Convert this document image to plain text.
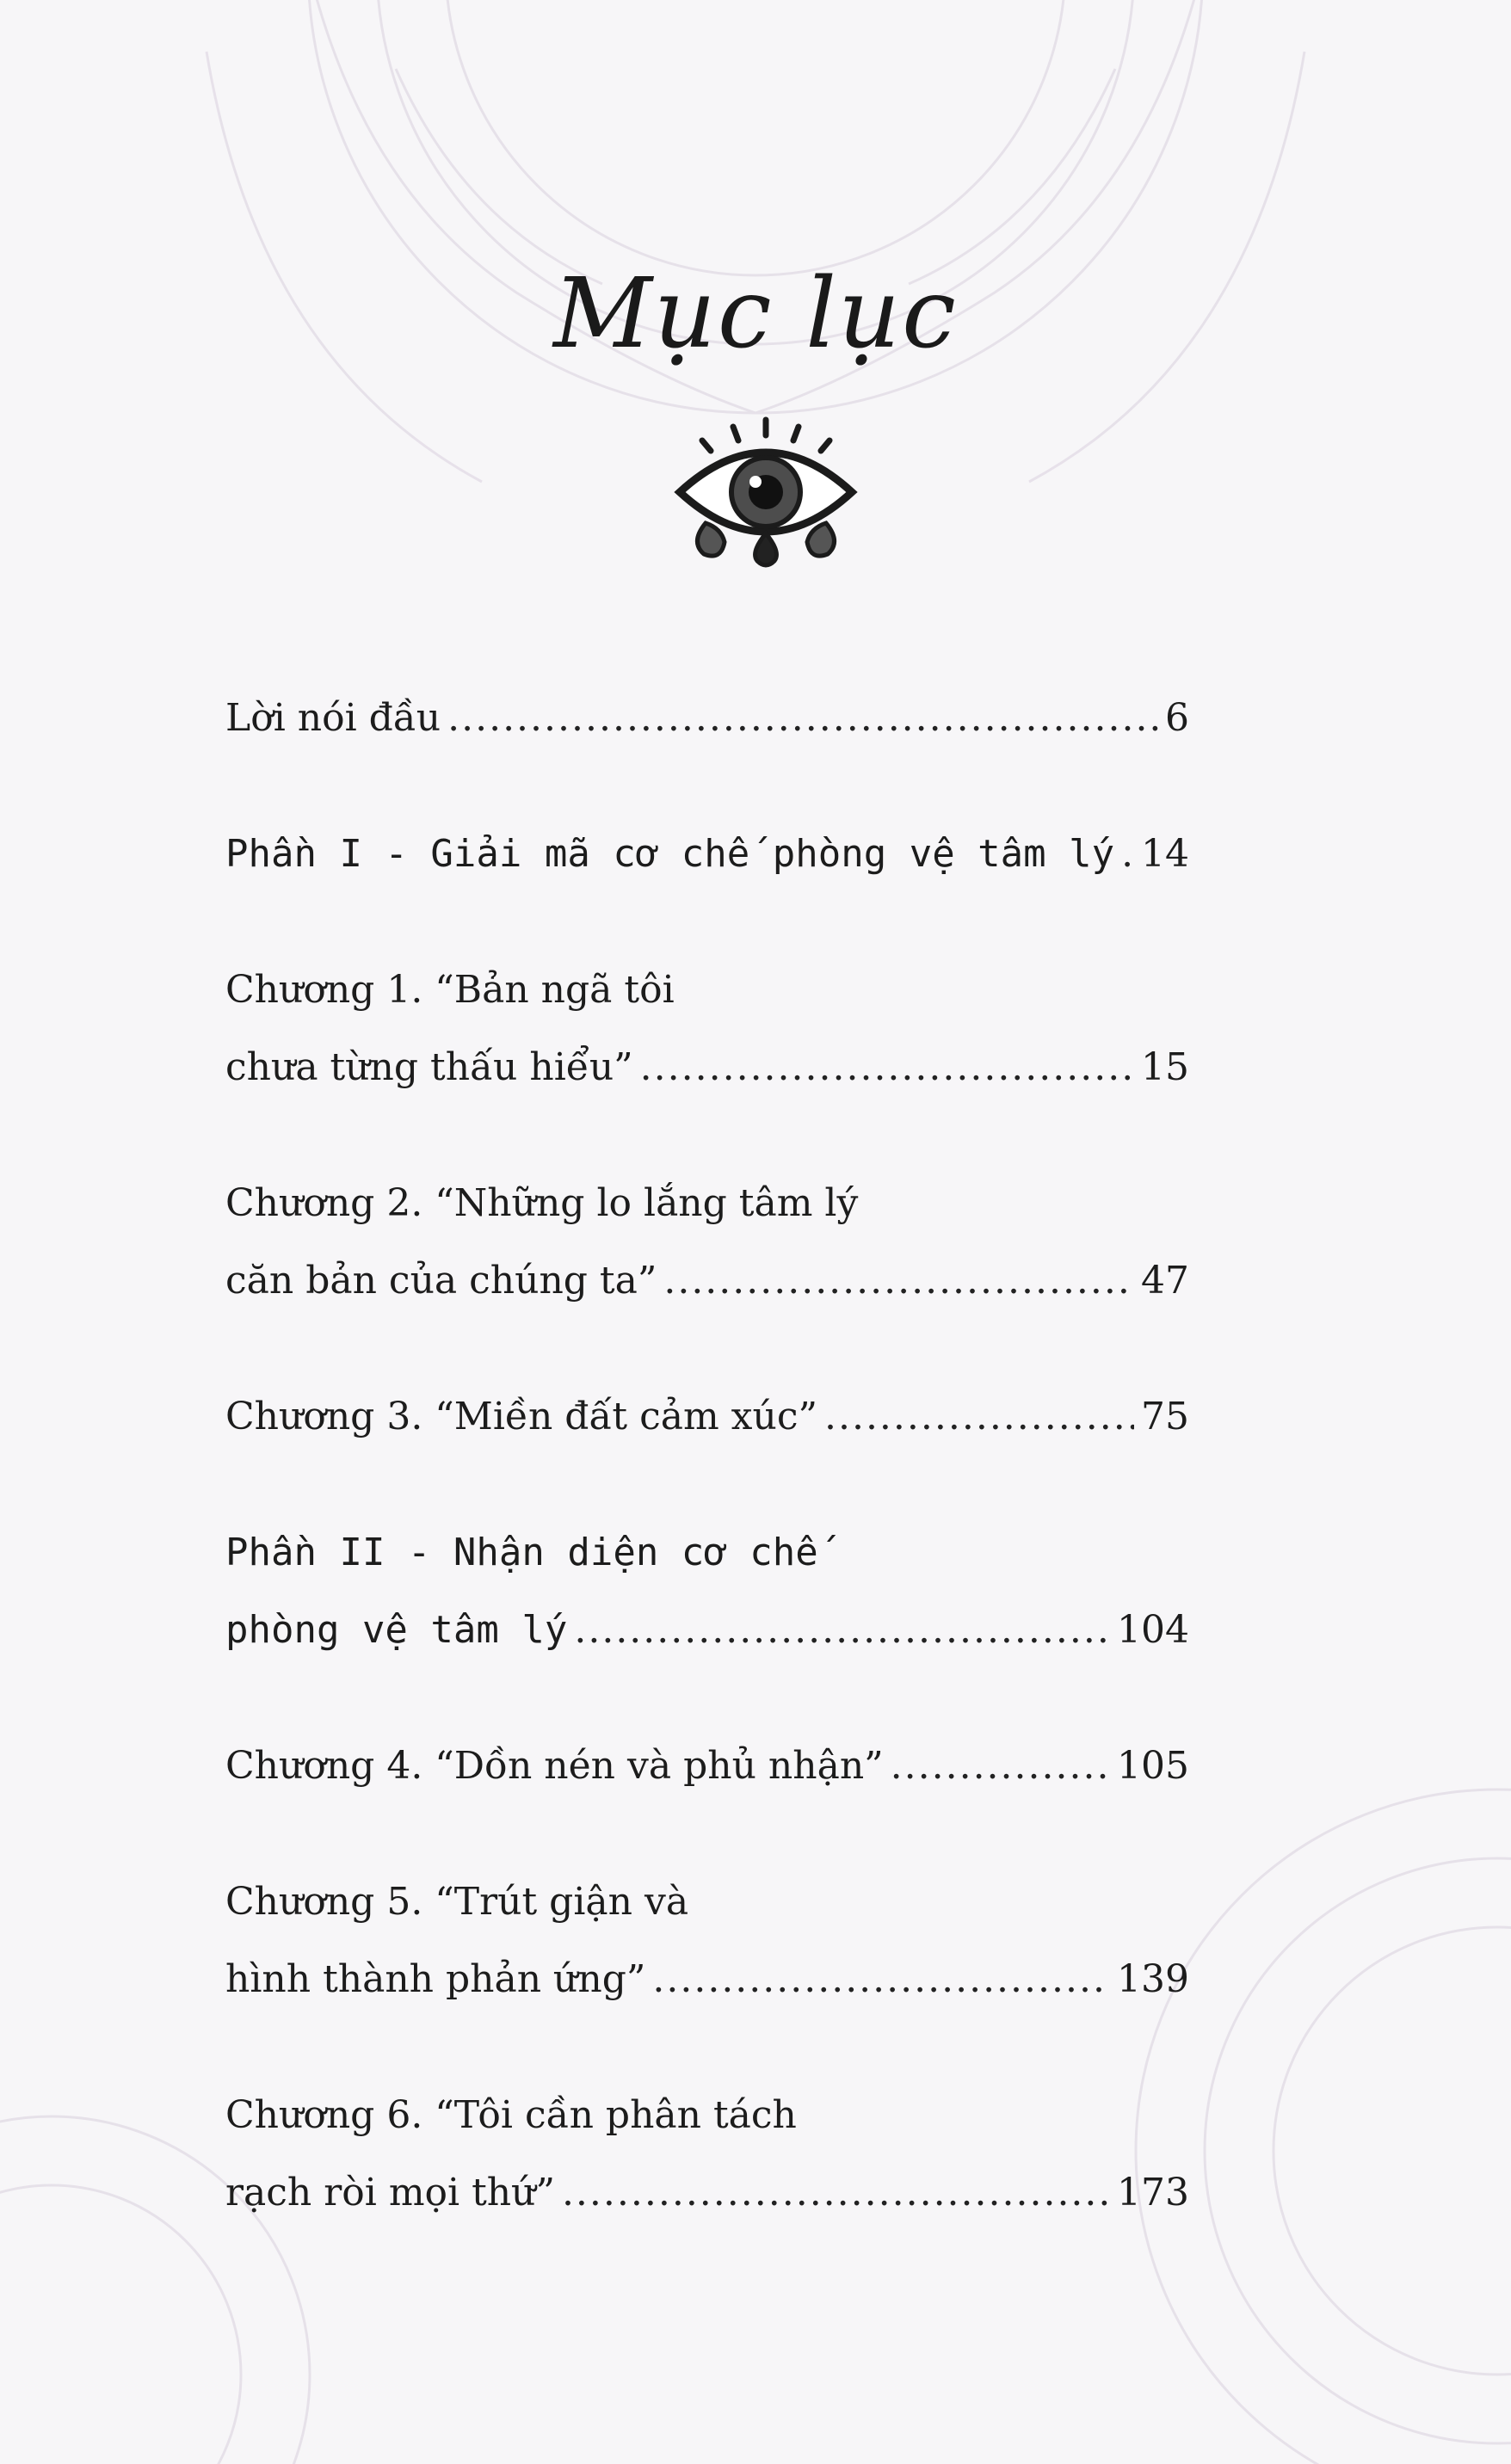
Mục lục
Lời nói đầu .....	6
Phần I - Giải mã cơ chế phòng vệ tâm lý ..... 14
Chương 1. “Bản ngã tôi
chưa từng thấu hiểu” .....	15
Chương 2. “Những lo lắng tâm lý
căn bản của chúng ta” .....	47
Chương 3. “Miền đất cảm xúc” .....	75
Phần II - Nhận diện cơ chế
phòng vệ tâm lý .....	104
Chương 4. “Dồn nén và phủ nhận” .....	105
Chương 5. “Trút giận và
hình thành phản ứng” .....	139
Chương 6. “Tôi cần phân tách
rạch ròi mọi thứ” .....	173
